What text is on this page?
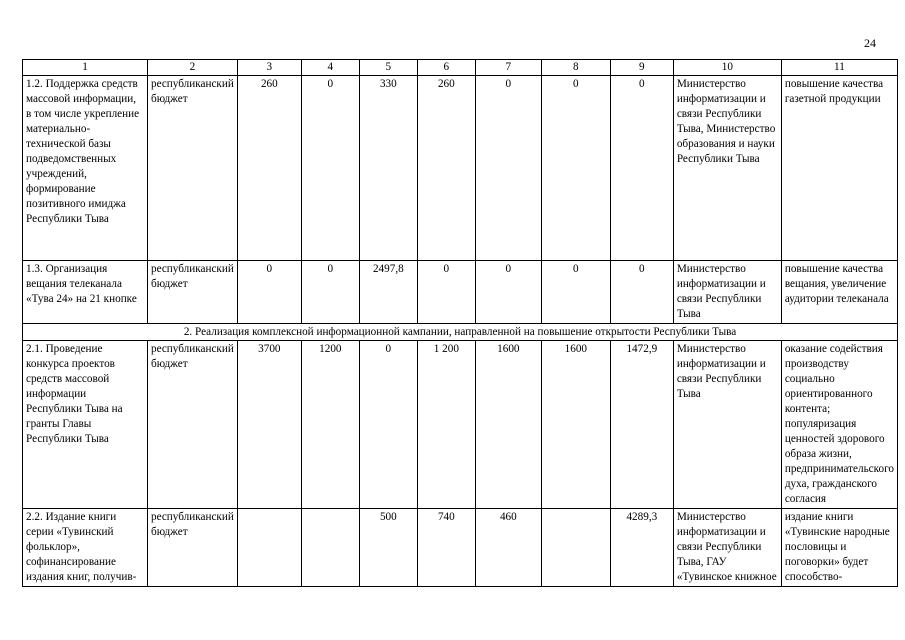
24
1	2	3	4	5	6	7	8	9	10	11
1.2. Поддержка средств массовой информации, в том числе укрепление материально-технической базы подведомственных учреждений, формирование позитивного имиджа Республики Тыва	республиканский бюджет	260	0	330	260	0	0	0	Министерство информатизации и связи Республики Тыва, Министерство образования и науки Республики Тыва	повышение качества газетной продукции
1.3. Организация вещания телеканала «Тува 24» на 21 кнопке	республиканский бюджет	0	0	2497,8	0	0	0	0	Министерство информатизации и связи Республики Тыва	повышение качества вещания, увеличение аудитории телеканала
2. Реализация комплексной информационной кампании, направленной на повышение открытости Республики Тыва										
2.1. Проведение конкурса проектов средств массовой информации Республики Тыва на гранты Главы Республики Тыва	республиканский бюджет	3700	1200	0	1 200	1600	1600	1472,9	Министерство информатизации и связи Республики Тыва	оказание содействия производству социально ориентированного контента; популяризация ценностей здорового образа жизни, предпринимательского духа, гражданского согласия
2.2. Издание книги серии «Тувинский фольклор», софинансирование издания книг, получив-	республиканский бюджет			500	740	460		4289,3	Министерство информатизации и связи Республики Тыва, ГАУ «Тувинское книжное	издание книги «Тувинские народные пословицы и поговорки» будет способство-
